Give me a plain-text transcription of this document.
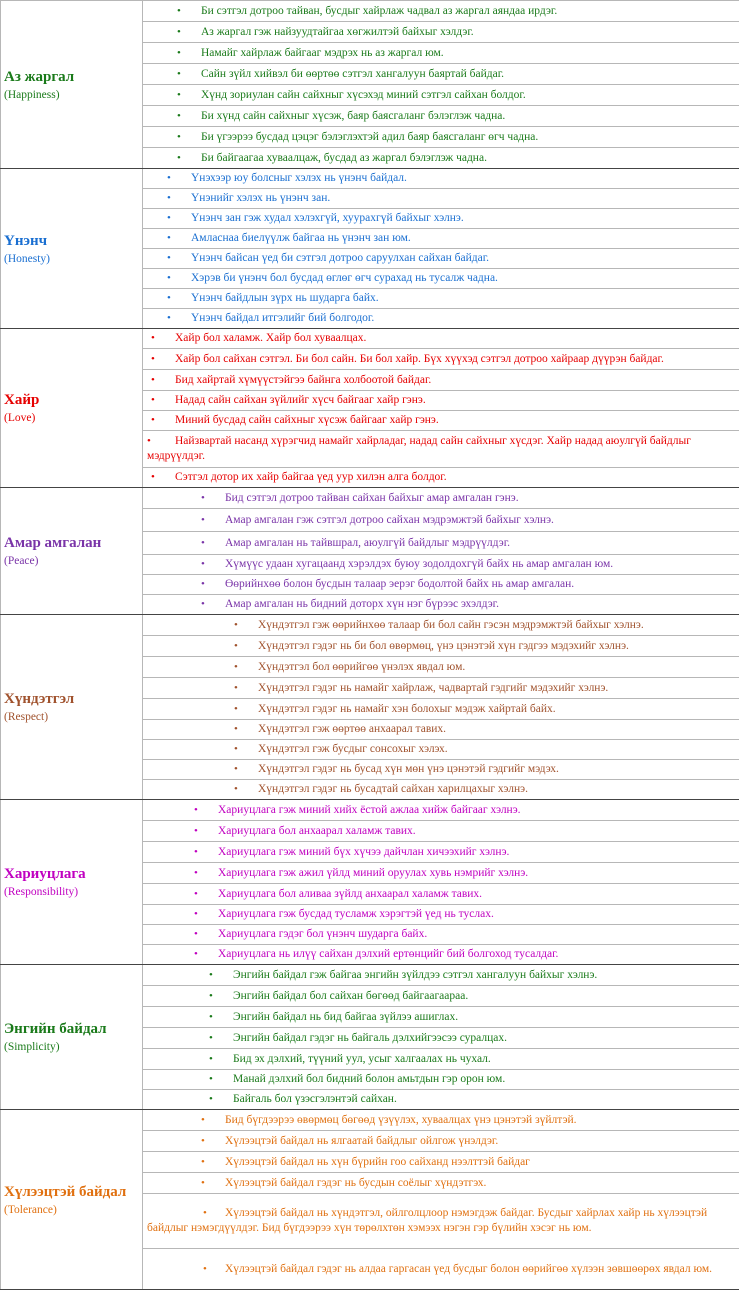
Аз жаргал
(Happiness)	• Би сэтгэл дотроо тайван, бусдыг хайрлаж чадвал аз жаргал аяндаа ирдэг.

	• Аз жаргал гэж найзуудтайгаа хөгжилтэй байхыг хэлдэг.

	• Намайг хайрлаж байгааг мэдрэх нь аз жаргал юм.

	• Сайн зүйл хийвэл би өөртөө сэтгэл хангалуун баяртай байдаг.

	• Хүнд зориулан сайн сайхныг хүсэхэд миний сэтгэл сайхан болдог.

	• Би хүнд сайн сайхныг хүсэж, баяр баясгаланг бэлэглэж чадна.

	• Би үгээрээ бусдад цэцэг бэлэглэхтэй адил баяр баясгаланг өгч чадна.

	• Би байгаагаа хуваалцаж, бусдад аз жаргал бэлэглэж чадна.

Үнэнч
(Honesty)	• Үнэхээр юу болсныг хэлэх нь үнэнч байдал.

	• Үнэнийг хэлэх нь үнэнч зан.

	• Үнэнч зан гэж худал хэлэхгүй, хуурахгүй байхыг хэлнэ.

	• Амласнаа биелүүлж байгаа нь үнэнч зан юм.

	• Үнэнч байсан үед би сэтгэл дотроо саруулхан сайхан байдаг.

	• Хэрэв би үнэнч бол бусдад өглөг өгч сурахад нь тусалж чадна.

	• Үнэнч байдлын зүрх нь шударга байх.

	• Үнэнч байдал итгэлийг бий болгодог.

Хайр
(Love)	• Хайр бол халамж. Хайр бол хуваалцах.

	• Хайр бол сайхан сэтгэл. Би бол сайн. Би бол хайр. Бүх хүүхэд сэтгэл дотроо хайраар дүүрэн байдаг.

	• Бид хайртай хүмүүстэйгээ байнга холбоотой байдаг.

	• Надад сайн сайхан зүйлийг хүсч байгааг хайр гэнэ.

	• Миний бусдад сайн сайхныг хүсэж байгааг хайр гэнэ.

	• Найзвартай насанд хүрэгчид намайг хайрладаг, надад сайн сайхныг хүсдэг. Хайр надад аюулгүй байдлыг мэдрүүлдэг.

	• Сэтгэл дотор их хайр байгаа үед уур хилэн алга болдог.

Амар амгалан
(Peace)	• Бид сэтгэл дотроо тайван сайхан байхыг амар амгалан гэнэ.

	• Амар амгалан гэж сэтгэл дотроо сайхан мэдрэмжтэй байхыг хэлнэ.

	• Амар амгалан нь тайвшрал, аюулгүй байдлыг мэдрүүлдэг.

	• Хүмүүс удаан хугацаанд хэрэлдэх буюу зодолдохгүй байх нь амар амгалан юм.

	• Өөрийнхөө болон бусдын талаар эерэг бодолтой байх нь амар амгалан.

	• Амар амгалан нь бидний доторх хүн нэг бүрээс эхэлдэг.

Хүндэтгэл
(Respect)	• Хүндэтгэл гэж өөрийнхөө талаар би бол сайн гэсэн мэдрэмжтэй байхыг хэлнэ.

	• Хүндэтгэл гэдэг нь би бол өвөрмөц, үнэ цэнэтэй хүн гэдгээ мэдэхийг хэлнэ.

	• Хүндэтгэл бол өөрийгөө үнэлэх явдал юм.

	• Хүндэтгэл гэдэг нь намайг хайрлаж, чадвартай гэдгийг мэдэхийг хэлнэ.

	• Хүндэтгэл гэдэг нь намайг хэн болохыг мэдэж хайртай байх.

	• Хүндэтгэл гэж өөртөө анхаарал тавих.

	• Хүндэтгэл гэж бусдыг сонсохыг хэлэх.

	• Хүндэтгэл гэдэг нь бусад хүн мөн үнэ цэнэтэй гэдгийг мэдэх.

	• Хүндэтгэл гэдэг нь бусадтай сайхан харилцахыг хэлнэ.

Хариуцлага
(Responsibility)	• Хариуцлага гэж миний хийх ёстой ажлаа хийж байгааг хэлнэ.

	• Хариуцлага бол анхаарал халамж тавих.

	• Хариуцлага гэж миний бүх хүчээ дайчлан хичээхийг хэлнэ.

	• Хариуцлага гэж ажил үйлд миний оруулах хувь нэмрийг хэлнэ.

	• Хариуцлага бол аливаа зүйлд анхаарал халамж тавих.

	• Хариуцлага гэж бусдад тусламж хэрэгтэй үед нь туслах.

	• Хариуцлага гэдэг бол үнэнч шударга байх.

	• Хариуцлага нь илүү сайхан дэлхий ертөнцийг бий болгоход тусалдаг.

Энгийн байдал
(Simplicity)	• Энгийн байдал гэж байгаа энгийн зүйлдээ сэтгэл хангалуун байхыг хэлнэ.

	• Энгийн байдал бол сайхан бөгөөд байгаагаараа.

	• Энгийн байдал нь бид байгаа зүйлээ ашиглах.

	• Энгийн байдал гэдэг нь байгаль дэлхийгээсээ суралцах.

	• Бид эх дэлхий, түүний уул, усыг халгаалах нь чухал.

	• Манай дэлхий бол бидний болон амьтдын гэр орон юм.

	• Байгаль бол үзэсгэлэнтэй сайхан.

Хүлээцтэй байдал
(Tolerance)	• Бид бүгдээрээ өвөрмөц бөгөөд үзүүлэх, хуваалцах үнэ цэнэтэй зүйлтэй.

	• Хүлээцтэй байдал нь ялгаатай байдлыг ойлгож үнэлдэг.

	• Хүлээцтэй байдал нь хүн бүрийн гоо сайханд нээлттэй байдаг

	• Хүлээцтэй байдал гэдэг нь бусдын соёлыг хүндэтгэх.

	• Хүлээцтэй байдал нь хүндэтгэл, ойлголцлоор нэмэгдэж байдаг. Бусдыг хайрлах хайр нь хүлээцтэй байдлыг нэмэгдүүлдэг. Бид бүгдээрээ хүн төрөлхтөн хэмээх нэгэн гэр бүлийн хэсэг нь юм.

	• Хүлээцтэй байдал гэдэг нь алдаа гаргасан үед бусдыг болон өөрийгөө хүлээн зөвшөөрөх явдал юм.
